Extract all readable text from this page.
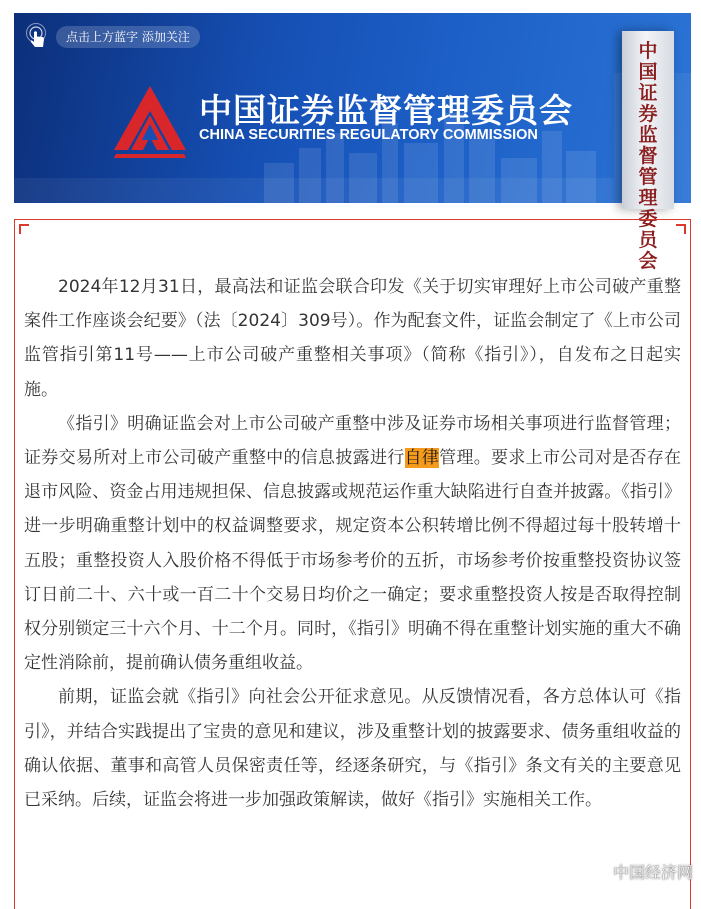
点击上方蓝字 添加关注
中国证券监督管理委员会
CHINA SECURITIES REGULATORY COMMISSION
中国证券监督管理委员会

2024年12月31日，最高法和证监会联合印发《关于切实审理好上市公司破产重整案件工作座谈会纪要》（法〔2024〕309号）。作为配套文件，证监会制定了《上市公司监管指引第11号——上市公司破产重整相关事项》（简称《指引》），自发布之日起实施。

《指引》明确证监会对上市公司破产重整中涉及证券市场相关事项进行监督管理；证券交易所对上市公司破产重整中的信息披露进行自律管理。要求上市公司对是否存在退市风险、资金占用违规担保、信息披露或规范运作重大缺陷进行自查并披露。《指引》进一步明确重整计划中的权益调整要求，规定资本公积转增比例不得超过每十股转增十五股；重整投资人入股价格不得低于市场参考价的五折，市场参考价按重整投资协议签订日前二十、六十或一百二十个交易日均价之一确定；要求重整投资人按是否取得控制权分别锁定三十六个月、十二个月。同时，《指引》明确不得在重整计划实施的重大不确定性消除前，提前确认债务重组收益。

前期，证监会就《指引》向社会公开征求意见。从反馈情况看，各方总体认可《指引》，并结合实践提出了宝贵的意见和建议，涉及重整计划的披露要求、债务重组收益的确认依据、董事和高管人员保密责任等，经逐条研究，与《指引》条文有关的主要意见已采纳。后续，证监会将进一步加强政策解读，做好《指引》实施相关工作。

中国经济网
